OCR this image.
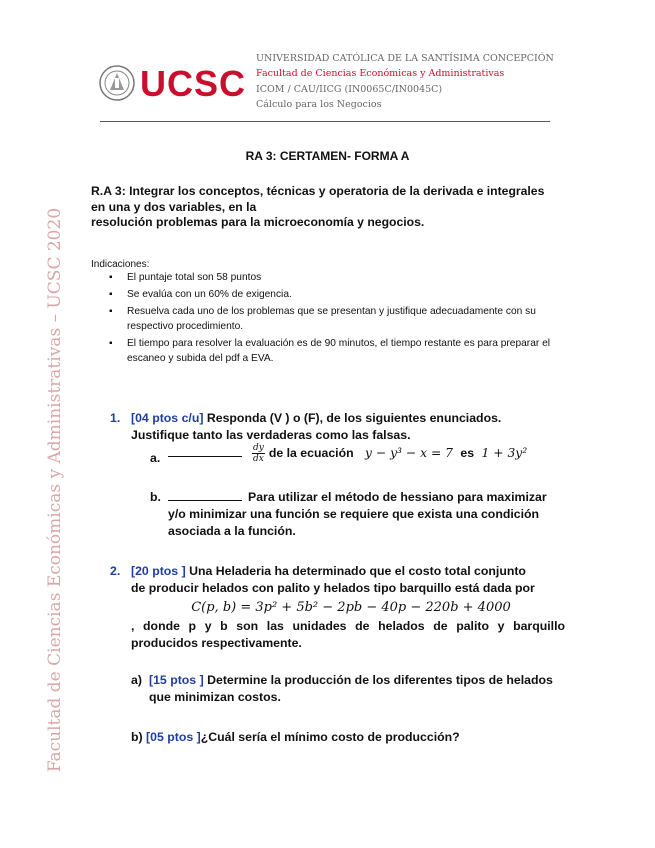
UCSC
UNIVERSIDAD CATÓLICA DE LA SANTÍSIMA CONCEPCIÓN
Facultad de Ciencias Económicas y Administrativas
ICOM / CAU/IICG (IN0065C/IN0045C)
Cálculo para los Negocios
Facultad de Ciencias Económicas y Administrativas – UCSC 2020
RA 3: CERTAMEN- FORMA A
R.A 3: Integrar los conceptos, técnicas y operatoria de la derivada e integrales
en una y dos variables, en la
resolución problemas para la microeconomía y negocios.
Indicaciones:
▪ El puntaje total son 58 puntos
▪ Se evalúa con un 60% de exigencia.
▪ Resuelva cada uno de los problemas que se presentan y justifique adecuadamente con su respectivo procedimiento.
▪ El tiempo para resolver la evaluación es de 90 minutos, el tiempo restante es para preparar el escaneo y subida del pdf a EVA.
1. [04 ptos c/u] Responda (V ) o (F), de los siguientes enunciados.
Justifique tanto las verdaderas como las falsas.
a.	$\frac{dy}{dx}$ de la ecuación y − y³ − x = 7 es 1 + 3y²
b.	Para utilizar el método de hessiano para maximizar
y/o minimizar una función se requiere que exista una condición
asociada a la función.
2. [20 ptos ] Una Heladeria ha determinado que el costo total conjunto
de producir helados con palito y helados tipo barquillo está dada por
C(p, b) = 3p² + 5b² − 2pb − 40p − 220b + 4000
, donde p y b son las unidades de helados de palito y barquillo
producidos respectivamente.
a) [15 ptos ] Determine la producción de los diferentes tipos de helados
que minimizan costos.
b) [05 ptos ]¿Cuál sería el mínimo costo de producción?
